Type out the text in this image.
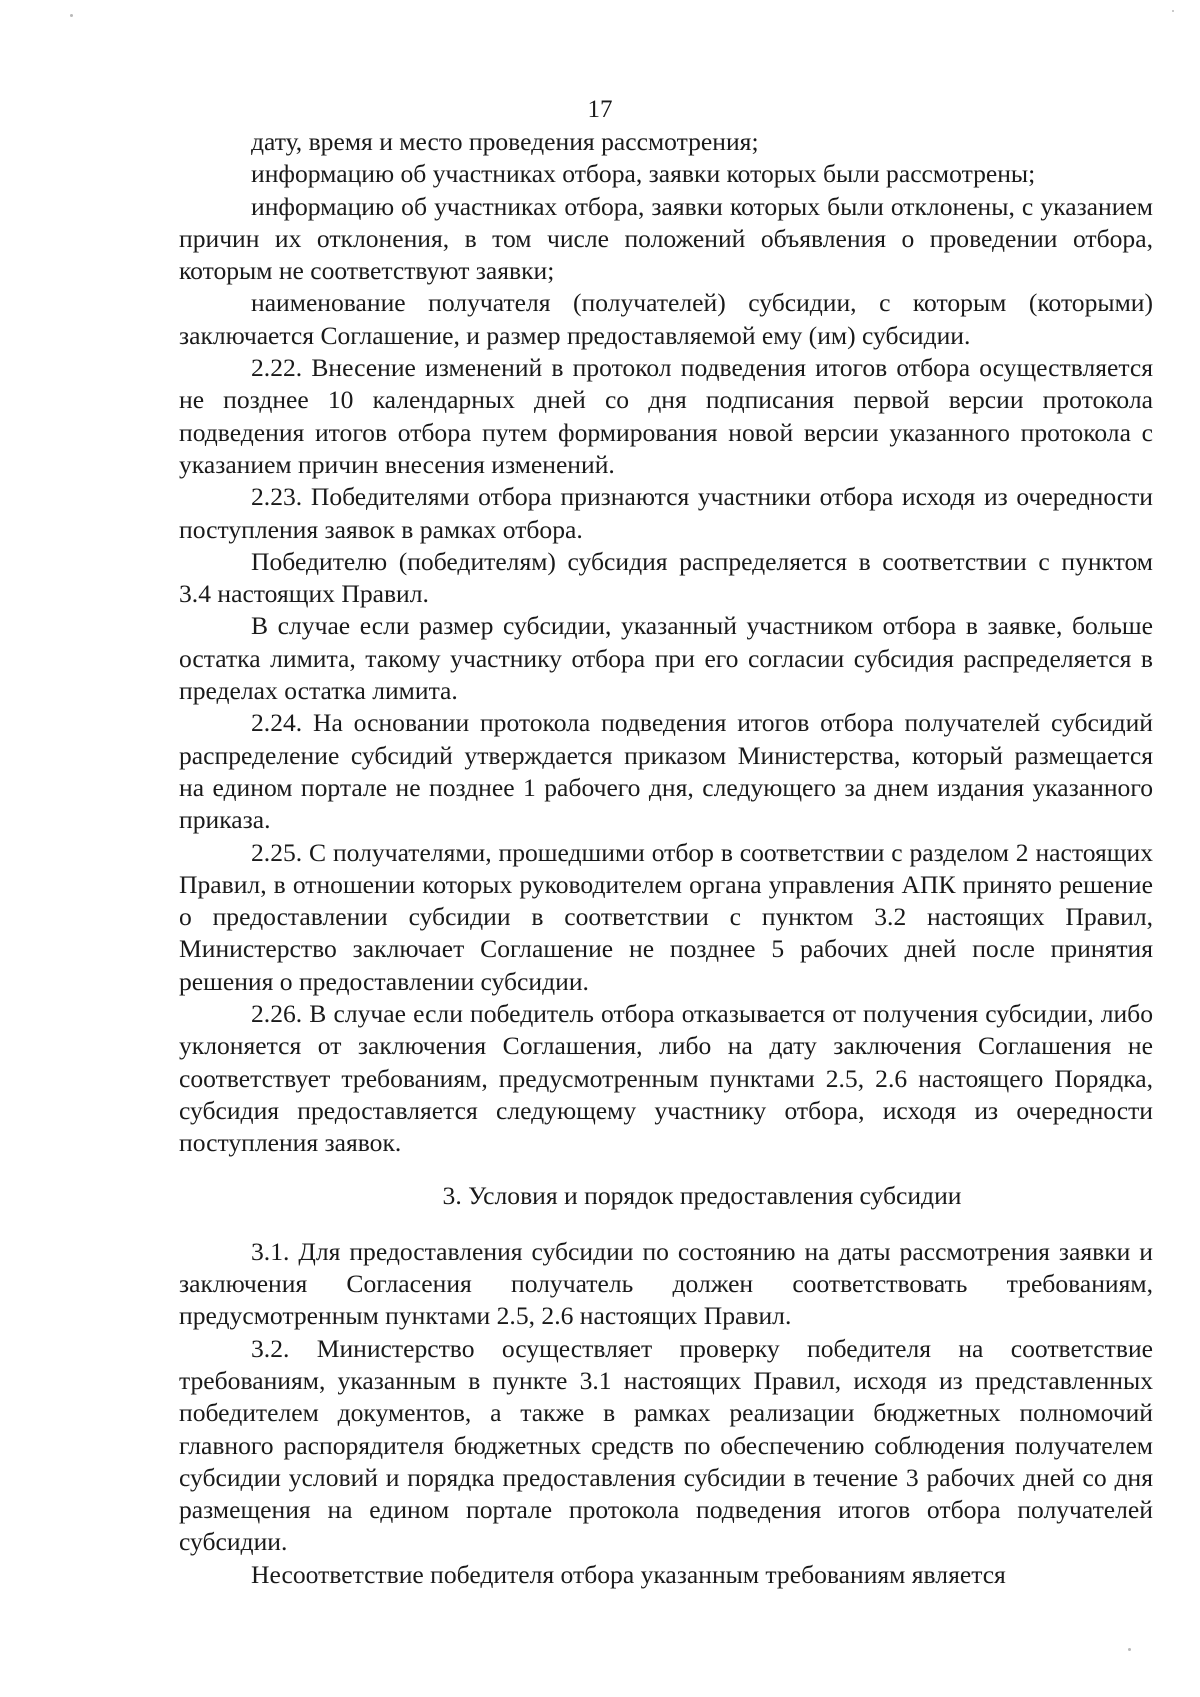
17

дату, время и место проведения рассмотрения;

информацию об участниках отбора, заявки которых были рассмотрены;

информацию об участниках отбора, заявки которых были отклонены, с указанием причин их отклонения, в том числе положений объявления о проведении отбора, которым не соответствуют заявки;

наименование получателя (получателей) субсидии, с которым (которыми) заключается Соглашение, и размер предоставляемой ему (им) субсидии.

2.22. Внесение изменений в протокол подведения итогов отбора осуществляется не позднее 10 календарных дней со дня подписания первой версии протокола подведения итогов отбора путем формирования новой версии указанного протокола с указанием причин внесения изменений.

2.23. Победителями отбора признаются участники отбора исходя из очередности поступления заявок в рамках отбора.

Победителю (победителям) субсидия распределяется в соответствии с пунктом 3.4 настоящих Правил.

В случае если размер субсидии, указанный участником отбора в заявке, больше остатка лимита, такому участнику отбора при его согласии субсидия распределяется в пределах остатка лимита.

2.24. На основании протокола подведения итогов отбора получателей субсидий распределение субсидий утверждается приказом Министерства, который размещается на едином портале не позднее 1 рабочего дня, следующего за днем издания указанного приказа.

2.25. С получателями, прошедшими отбор в соответствии с разделом 2 настоящих Правил, в отношении которых руководителем органа управления АПК принято решение о предоставлении субсидии в соответствии с пунктом 3.2 настоящих Правил, Министерство заключает Соглашение не позднее 5 рабочих дней после принятия решения о предоставлении субсидии.

2.26. В случае если победитель отбора отказывается от получения субсидии, либо уклоняется от заключения Соглашения, либо на дату заключения Соглашения не соответствует требованиям, предусмотренным пунктами 2.5, 2.6 настоящего Порядка, субсидия предоставляется следующему участнику отбора, исходя из очередности поступления заявок.

3. Условия и порядок предоставления субсидии

3.1. Для предоставления субсидии по состоянию на даты рассмотрения заявки и заключения Согласения получатель должен соответствовать требованиям, предусмотренным пунктами 2.5, 2.6 настоящих Правил.

3.2. Министерство осуществляет проверку победителя на соответствие требованиям, указанным в пункте 3.1 настоящих Правил, исходя из представленных победителем документов, а также в рамках реализации бюджетных полномочий главного распорядителя бюджетных средств по обеспечению соблюдения получателем субсидии условий и порядка предоставления субсидии в течение 3 рабочих дней со дня размещения на едином портале протокола подведения итогов отбора получателей субсидии.

Несоответствие победителя отбора указанным требованиям является
